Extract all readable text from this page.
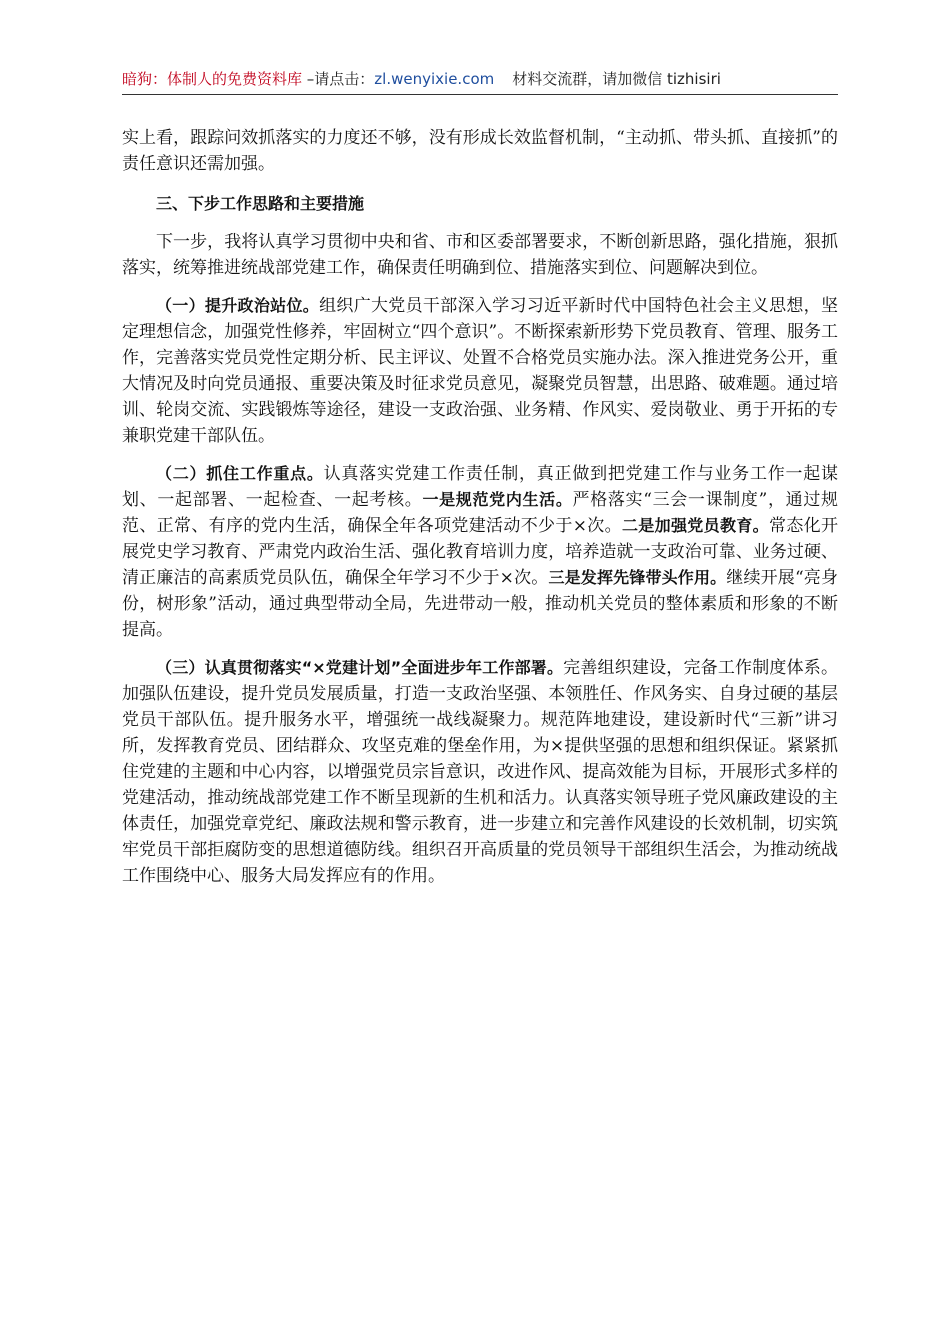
暗狗：体制人的免费资料库 –请点击：zl.wenyixie.com 材料交流群，请加微信 tizhisiri

实上看，跟踪问效抓落实的力度还不够，没有形成长效监督机制，“主动抓、带头抓、直接抓”的责任意识还需加强。

三、下步工作思路和主要措施

下一步，我将认真学习贯彻中央和省、市和区委部署要求，不断创新思路，强化措施，狠抓落实，统筹推进统战部党建工作，确保责任明确到位、措施落实到位、问题解决到位。

（一）提升政治站位。组织广大党员干部深入学习习近平新时代中国特色社会主义思想，坚定理想信念，加强党性修养，牢固树立“四个意识”。不断探索新形势下党员教育、管理、服务工作，完善落实党员党性定期分析、民主评议、处置不合格党员实施办法。深入推进党务公开，重大情况及时向党员通报、重要决策及时征求党员意见，凝聚党员智慧，出思路、破难题。通过培训、轮岗交流、实践锻炼等途径，建设一支政治强、业务精、作风实、爱岗敬业、勇于开拓的专兼职党建干部队伍。

（二）抓住工作重点。认真落实党建工作责任制，真正做到把党建工作与业务工作一起谋划、一起部署、一起检查、一起考核。一是规范党内生活。严格落实“三会一课制度”，通过规范、正常、有序的党内生活，确保全年各项党建活动不少于×次。二是加强党员教育。常态化开展党史学习教育、严肃党内政治生活、强化教育培训力度，培养造就一支政治可靠、业务过硬、清正廉洁的高素质党员队伍，确保全年学习不少于×次。三是发挥先锋带头作用。继续开展“亮身份，树形象”活动，通过典型带动全局，先进带动一般，推动机关党员的整体素质和形象的不断提高。

（三）认真贯彻落实“×党建计划”全面进步年工作部署。完善组织建设，完备工作制度体系。加强队伍建设，提升党员发展质量，打造一支政治坚强、本领胜任、作风务实、自身过硬的基层党员干部队伍。提升服务水平，增强统一战线凝聚力。规范阵地建设，建设新时代“三新”讲习所，发挥教育党员、团结群众、攻坚克难的堡垒作用，为×提供坚强的思想和组织保证。紧紧抓住党建的主题和中心内容，以增强党员宗旨意识，改进作风、提高效能为目标，开展形式多样的党建活动，推动统战部党建工作不断呈现新的生机和活力。认真落实领导班子党风廉政建设的主体责任，加强党章党纪、廉政法规和警示教育，进一步建立和完善作风建设的长效机制，切实筑牢党员干部拒腐防变的思想道德防线。组织召开高质量的党员领导干部组织生活会，为推动统战工作围绕中心、服务大局发挥应有的作用。
